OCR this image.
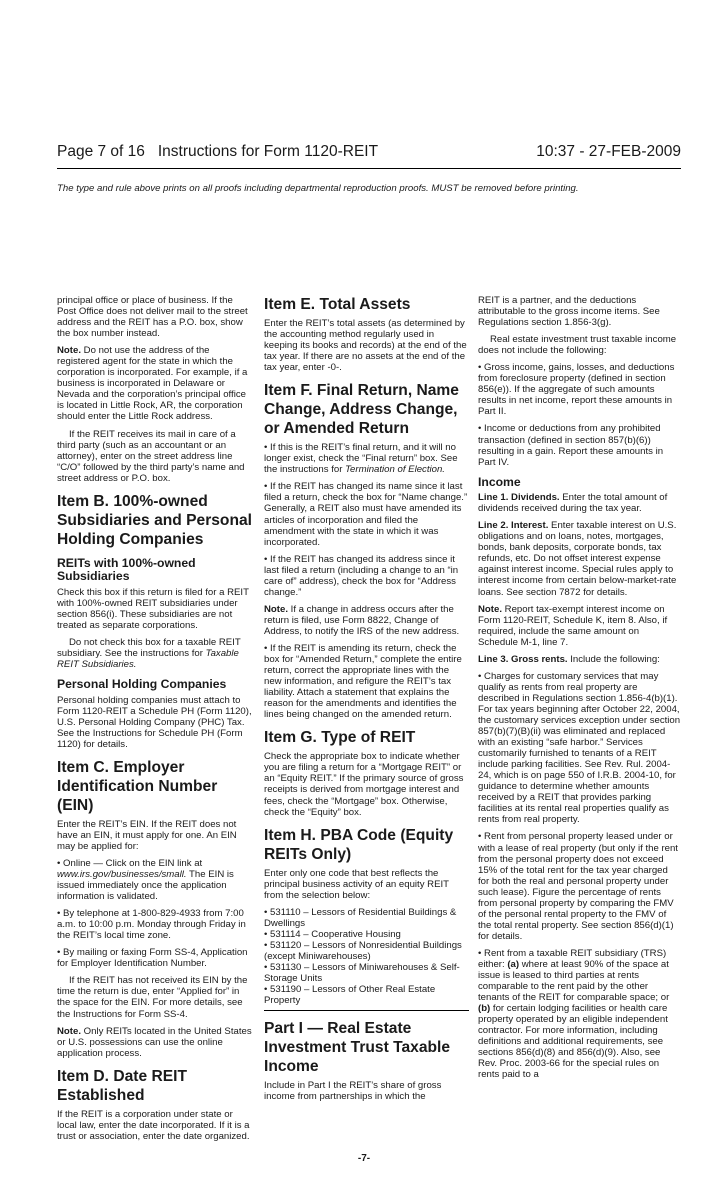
Page 7 of 16 Instructions for Form 1120-REIT	10:37 - 27-FEB-2009
The type and rule above prints on all proofs including departmental reproduction proofs. MUST be removed before printing.

principal office or place of business. If the Post Office does not deliver mail to the street address and the REIT has a P.O. box, show the box number instead.

Note. Do not use the address of the registered agent for the state in which the corporation is incorporated. For example, if a business is incorporated in Delaware or Nevada and the corporation’s principal office is located in Little Rock, AR, the corporation should enter the Little Rock address.

If the REIT receives its mail in care of a third party (such as an accountant or an attorney), enter on the street address line “C/O” followed by the third party’s name and street address or P.O. box.

Item B. 100%-owned Subsidiaries and Personal Holding Companies
REITs with 100%-owned Subsidiaries

Check this box if this return is filed for a REIT with 100%-owned REIT subsidiaries under section 856(i). These subsidiaries are not treated as separate corporations.

Do not check this box for a taxable REIT subsidiary. See the instructions for Taxable REIT Subsidiaries.

Personal Holding Companies

Personal holding companies must attach to Form 1120-REIT a Schedule PH (Form 1120), U.S. Personal Holding Company (PHC) Tax. See the Instructions for Schedule PH (Form 1120) for details.

Item C. Employer Identification Number (EIN)

Enter the REIT’s EIN. If the REIT does not have an EIN, it must apply for one. An EIN may be applied for:

• Online — Click on the EIN link at www.irs.gov/businesses/small. The EIN is issued immediately once the application information is validated.

• By telephone at 1-800-829-4933 from 7:00 a.m. to 10:00 p.m. Monday through Friday in the REIT’s local time zone.

• By mailing or faxing Form SS-4, Application for Employer Identification Number.

If the REIT has not received its EIN by the time the return is due, enter “Applied for” in the space for the EIN. For more details, see the Instructions for Form SS-4.

Note. Only REITs located in the United States or U.S. possessions can use the online application process.

Item D. Date REIT Established

If the REIT is a corporation under state or local law, enter the date incorporated. If it is a trust or association, enter the date organized.

Item E. Total Assets

Enter the REIT’s total assets (as determined by the accounting method regularly used in keeping its books and records) at the end of the tax year. If there are no assets at the end of the tax year, enter -0-.

Item F. Final Return, Name Change, Address Change, or Amended Return

• If this is the REIT’s final return, and it will no longer exist, check the “Final return” box. See the instructions for Termination of Election.

• If the REIT has changed its name since it last filed a return, check the box for “Name change.” Generally, a REIT also must have amended its articles of incorporation and filed the amendment with the state in which it was incorporated.

• If the REIT has changed its address since it last filed a return (including a change to an “in care of” address), check the box for “Address change.”

Note. If a change in address occurs after the return is filed, use Form 8822, Change of Address, to notify the IRS of the new address.

• If the REIT is amending its return, check the box for “Amended Return,” complete the entire return, correct the appropriate lines with the new information, and refigure the REIT’s tax liability. Attach a statement that explains the reason for the amendments and identifies the lines being changed on the amended return.

Item G. Type of REIT

Check the appropriate box to indicate whether you are filing a return for a “Mortgage REIT” or an “Equity REIT.” If the primary source of gross receipts is derived from mortgage interest and fees, check the “Mortgage” box. Otherwise, check the “Equity” box.

Item H. PBA Code (Equity REITs Only)

Enter only one code that best reflects the principal business activity of an equity REIT from the selection below:

• 531110 – Lessors of Residential Buildings & Dwellings
• 531114 – Cooperative Housing
• 531120 – Lessors of Nonresidential Buildings (except Miniwarehouses)
• 531130 – Lessors of Miniwarehouses & Self-Storage Units
• 531190 – Lessors of Other Real Estate Property
Part I — Real Estate Investment Trust Taxable Income

Include in Part I the REIT’s share of gross income from partnerships in which the

REIT is a partner, and the deductions attributable to the gross income items. See Regulations section 1.856-3(g).

Real estate investment trust taxable income does not include the following:

• Gross income, gains, losses, and deductions from foreclosure property (defined in section 856(e)). If the aggregate of such amounts results in net income, report these amounts in Part II.

• Income or deductions from any prohibited transaction (defined in section 857(b)(6)) resulting in a gain. Report these amounts in Part IV.

Income

Line 1. Dividends. Enter the total amount of dividends received during the tax year.

Line 2. Interest. Enter taxable interest on U.S. obligations and on loans, notes, mortgages, bonds, bank deposits, corporate bonds, tax refunds, etc. Do not offset interest expense against interest income. Special rules apply to interest income from certain below-market-rate loans. See section 7872 for details.

Note. Report tax-exempt interest income on Form 1120-REIT, Schedule K, item 8. Also, if required, include the same amount on Schedule M-1, line 7.

Line 3. Gross rents. Include the following:

• Charges for customary services that may qualify as rents from real property are described in Regulations section 1.856-4(b)(1). For tax years beginning after October 22, 2004, the customary services exception under section 857(b)(7)(B)(ii) was eliminated and replaced with an existing “safe harbor.” Services customarily furnished to tenants of a REIT include parking facilities. See Rev. Rul. 2004-24, which is on page 550 of I.R.B. 2004-10, for guidance to determine whether amounts received by a REIT that provides parking facilities at its rental real properties qualify as rents from real property.

• Rent from personal property leased under or with a lease of real property (but only if the rent from the personal property does not exceed 15% of the total rent for the tax year charged for both the real and personal property under such lease). Figure the percentage of rents from personal property by comparing the FMV of the personal rental property to the FMV of the total rental property. See section 856(d)(1) for details.

• Rent from a taxable REIT subsidiary (TRS) either: (a) where at least 90% of the space at issue is leased to third parties at rents comparable to the rent paid by the other tenants of the REIT for comparable space; or (b) for certain lodging facilities or health care property operated by an eligible independent contractor. For more information, including definitions and additional requirements, see sections 856(d)(8) and 856(d)(9). Also, see Rev. Proc. 2003-66 for the special rules on rents paid to a

-7-
